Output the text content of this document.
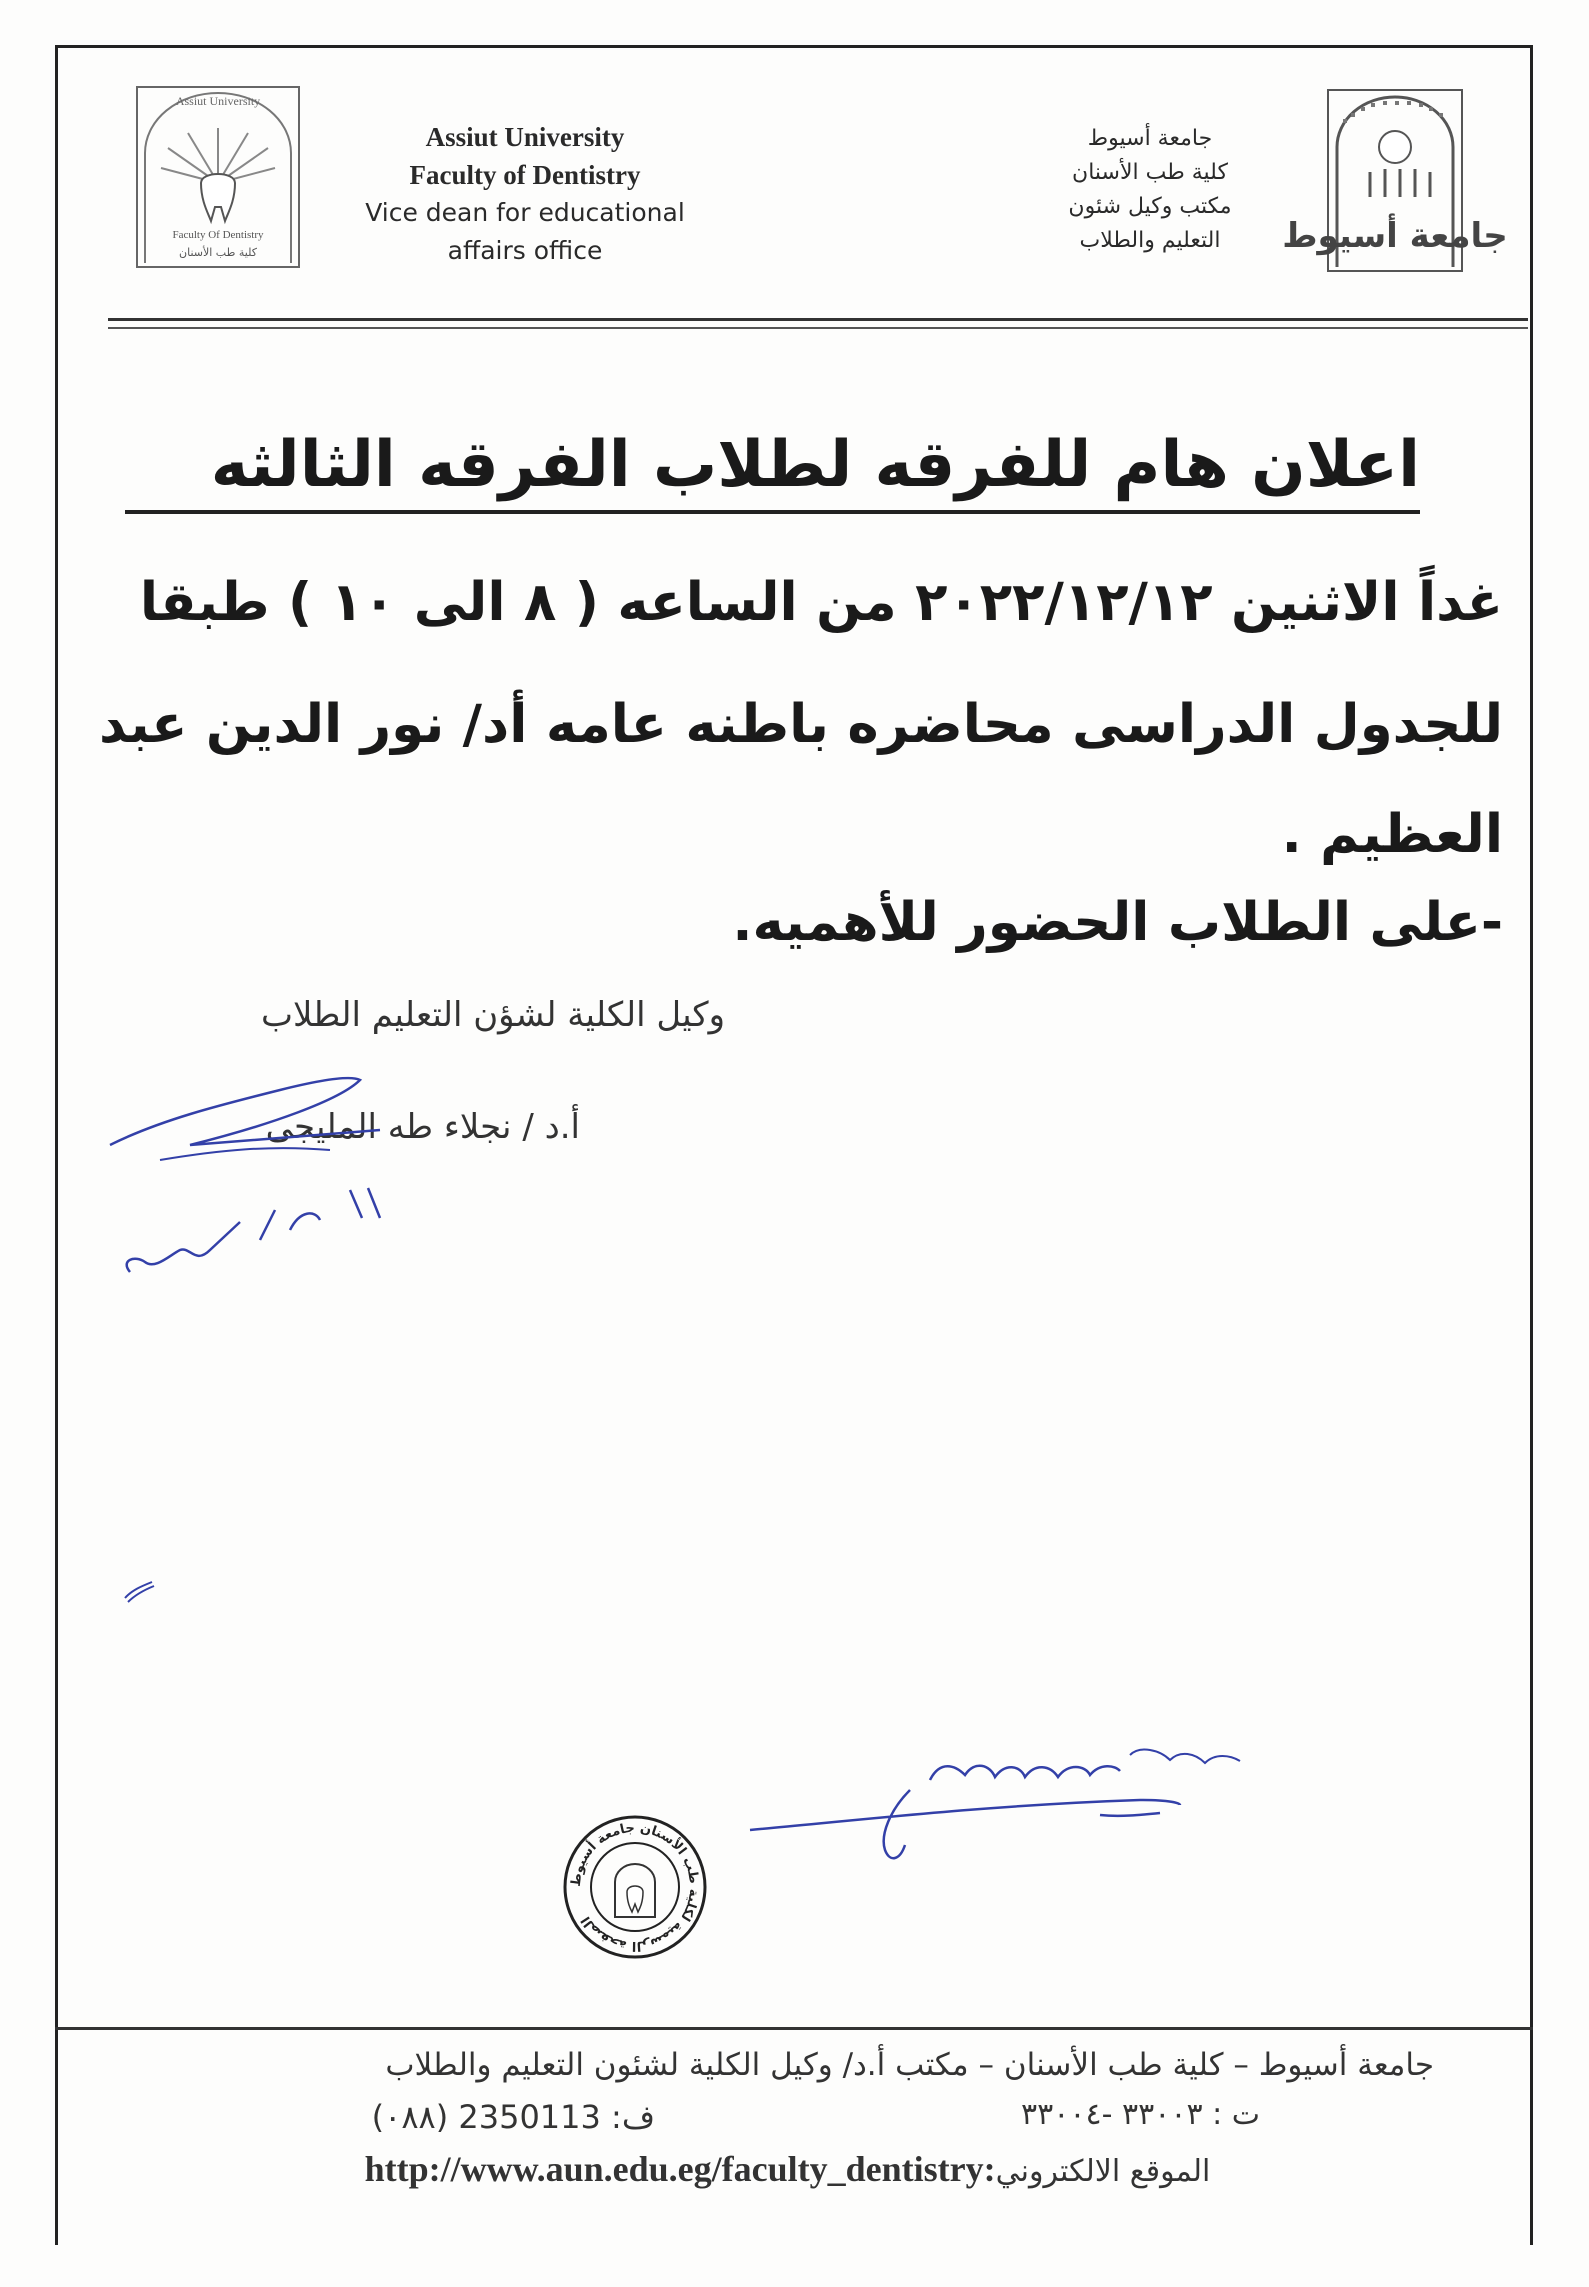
Assiut University
Faculty Of Dentistry
كلية طب الأسنان
Assiut University
Faculty of Dentistry
Vice dean for educational
affairs office
جامعة أسيوط
كلية طب الأسنان
مكتب وكيل شئون
التعليم والطلاب	جامعة أسيوط
اعلان هام للفرقه لطلاب الفرقه الثالثه
غداً الاثنين ٢٠٢٢/١٢/١٢ من الساعه ( ٨ الى ١٠ ) طبقا
للجدول الدراسى محاضره باطنه عامه أد/ نور الدين عبد
العظيم .
-على الطلاب الحضور للأهميه.
وكيل الكلية لشؤن التعليم الطلاب
أ.د / نجلاء طه المليجى
الصفحة الرسمية لكلية طب الأسنان جامعة أسيوط
جامعة أسيوط – كلية طب الأسنان – مكتب أ.د/ وكيل الكلية لشئون التعليم والطلاب
ت : ٣٣٠٠٣ -٣٣٠٠٤
ف: 2350113 (٠٨٨)
http://www.aun.edu.eg/faculty_dentistry:الموقع الالكتروني
